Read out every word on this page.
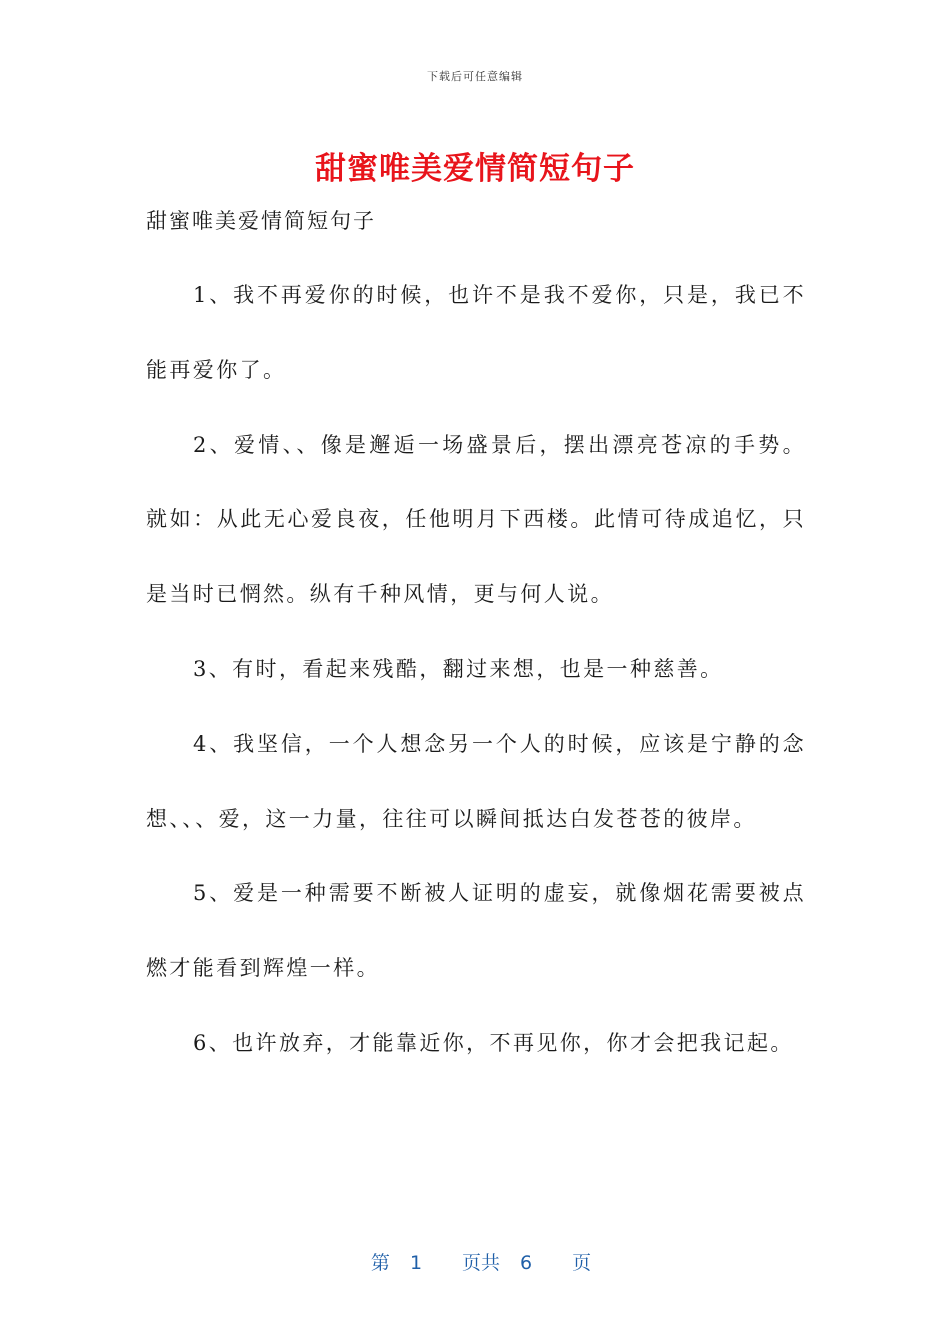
下载后可任意编辑
甜蜜唯美爱情简短句子
甜蜜唯美爱情简短句子

1、我不再爱你的时候，也许不是我不爱你，只是，我已不能再爱你了。

2、爱情、、像是邂逅一场盛景后，摆出漂亮苍凉的手势。就如：从此无心爱良夜，任他明月下西楼。此情可待成追忆，只是当时已惘然。纵有千种风情，更与何人说。

3、有时，看起来残酷，翻过来想，也是一种慈善。

4、我坚信，一个人想念另一个人的时候，应该是宁静的念想、、、爱，这一力量，往往可以瞬间抵达白发苍苍的彼岸。

5、爱是一种需要不断被人证明的虚妄，就像烟花需要被点燃才能看到辉煌一样。

6、也许放弃，才能靠近你，不再见你，你才会把我记起。

第 1 页共 6 页
